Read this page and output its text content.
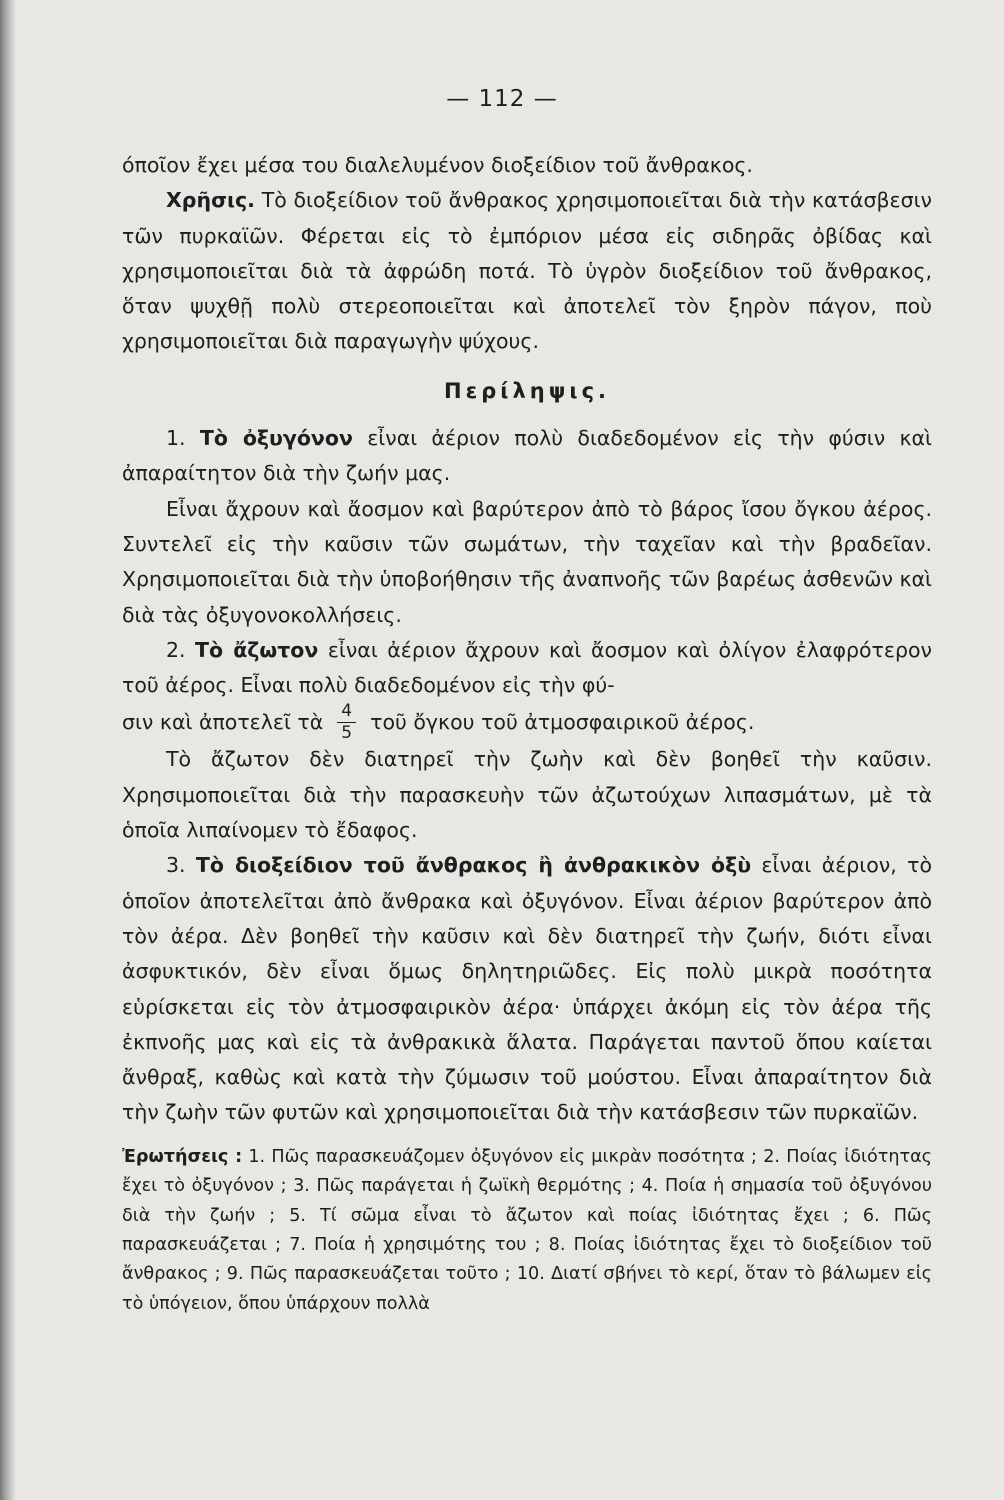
— 112 —

όποῖον ἔχει μέσα του διαλελυμένον διοξείδιον τοῦ ἄνθρακος.

Χρῆσις. Τὸ διοξείδιον τοῦ ἄνθρακος χρησιμοποιεῖται διὰ τὴν κατάσβεσιν τῶν πυρκαϊῶν. Φέρεται εἰς τὸ ἐμπόριον μέσα εἰς σιδηρᾶς ὀβίδας καὶ χρησιμοποιεῖται διὰ τὰ ἀφρώδη ποτά. Τὸ ὑγρὸν διοξείδιον τοῦ ἄνθρακος, ὅταν ψυχθῇ πολὺ στερεοποιεῖται καὶ ἀποτελεῖ τὸν ξηρὸν πάγον, ποὺ χρησιμοποιεῖται διὰ παραγωγὴν ψύχους.

Περίληψις.

1. Τὸ ὀξυγόνον εἶναι ἀέριον πολὺ διαδεδομένον εἰς τὴν φύσιν καὶ ἀπαραίτητον διὰ τὴν ζωήν μας.

Εἶναι ἄχρουν καὶ ἄοσμον καὶ βαρύτερον ἀπὸ τὸ βάρος ἴσου ὄγκου ἀέρος. Συντελεῖ εἰς τὴν καῦσιν τῶν σωμάτων, τὴν ταχεῖαν καὶ τὴν βραδεῖαν. Χρησιμοποιεῖται διὰ τὴν ὑποβοήθησιν τῆς ἀναπνοῆς τῶν βαρέως ἀσθενῶν καὶ διὰ τὰς ὀξυγονοκολλήσεις.

2. Τὸ ἄζωτον εἶναι ἀέριον ἄχρουν καὶ ἄοσμον καὶ ὀλίγον ἐλαφρότερον τοῦ ἀέρος. Εἶναι πολὺ διαδεδομένον εἰς τὴν φύ-

σιν καὶ ἀποτελεῖ τὰ $\frac{4}{5}$ τοῦ ὄγκου τοῦ ἀτμοσφαιρικοῦ ἀέρος.

Τὸ ἄζωτον δὲν διατηρεῖ τὴν ζωὴν καὶ δὲν βοηθεῖ τὴν καῦσιν. Χρησιμοποιεῖται διὰ τὴν παρασκευὴν τῶν ἀζωτούχων λιπασμάτων, μὲ τὰ ὁποῖα λιπαίνομεν τὸ ἔδαφος.

3. Τὸ διοξείδιον τοῦ ἄνθρακος ἢ ἀνθρακικὸν ὀξὺ εἶναι ἀέριον, τὸ ὁποῖον ἀποτελεῖται ἀπὸ ἄνθρακα καὶ ὀξυγόνον. Εἶναι ἀέριον βαρύτερον ἀπὸ τὸν ἀέρα. Δὲν βοηθεῖ τὴν καῦσιν καὶ δὲν διατηρεῖ τὴν ζωήν, διότι εἶναι ἀσφυκτικόν, δὲν εἶναι ὅμως δηλητηριῶδες. Εἰς πολὺ μικρὰ ποσότητα εὑρίσκεται εἰς τὸν ἀτμοσφαιρικὸν ἀέρα· ὑπάρχει ἀκόμη εἰς τὸν ἀέρα τῆς ἐκπνοῆς μας καὶ εἰς τὰ ἀνθρακικὰ ἅλατα. Παράγεται παντοῦ ὅπου καίεται ἄνθραξ, καθὼς καὶ κατὰ τὴν ζύμωσιν τοῦ μούστου. Εἶναι ἀπαραίτητον διὰ τὴν ζωὴν τῶν φυτῶν καὶ χρησιμοποιεῖται διὰ τὴν κατάσβεσιν τῶν πυρκαϊῶν.

Ἐρωτήσεις : 1. Πῶς παρασκευάζομεν ὀξυγόνον εἰς μικρὰν ποσότητα ; 2. Ποίας ἰδιότητας ἔχει τὸ ὀξυγόνον ; 3. Πῶς παράγεται ἡ ζωϊκὴ θερμότης ; 4. Ποία ἡ σημασία τοῦ ὀξυγόνου διὰ τὴν ζωήν ; 5. Τί σῶμα εἶναι τὸ ἄζωτον καὶ ποίας ἰδιότητας ἔχει ; 6. Πῶς παρασκευάζεται ; 7. Ποία ἡ χρησιμότης του ; 8. Ποίας ἰδιότητας ἔχει τὸ διοξείδιον τοῦ ἄνθρακος ; 9. Πῶς παρασκευάζεται τοῦτο ; 10. Διατί σβήνει τὸ κερί, ὅταν τὸ βάλωμεν εἰς τὸ ὑπόγειον, ὅπου ὑπάρχουν πολλὰ
